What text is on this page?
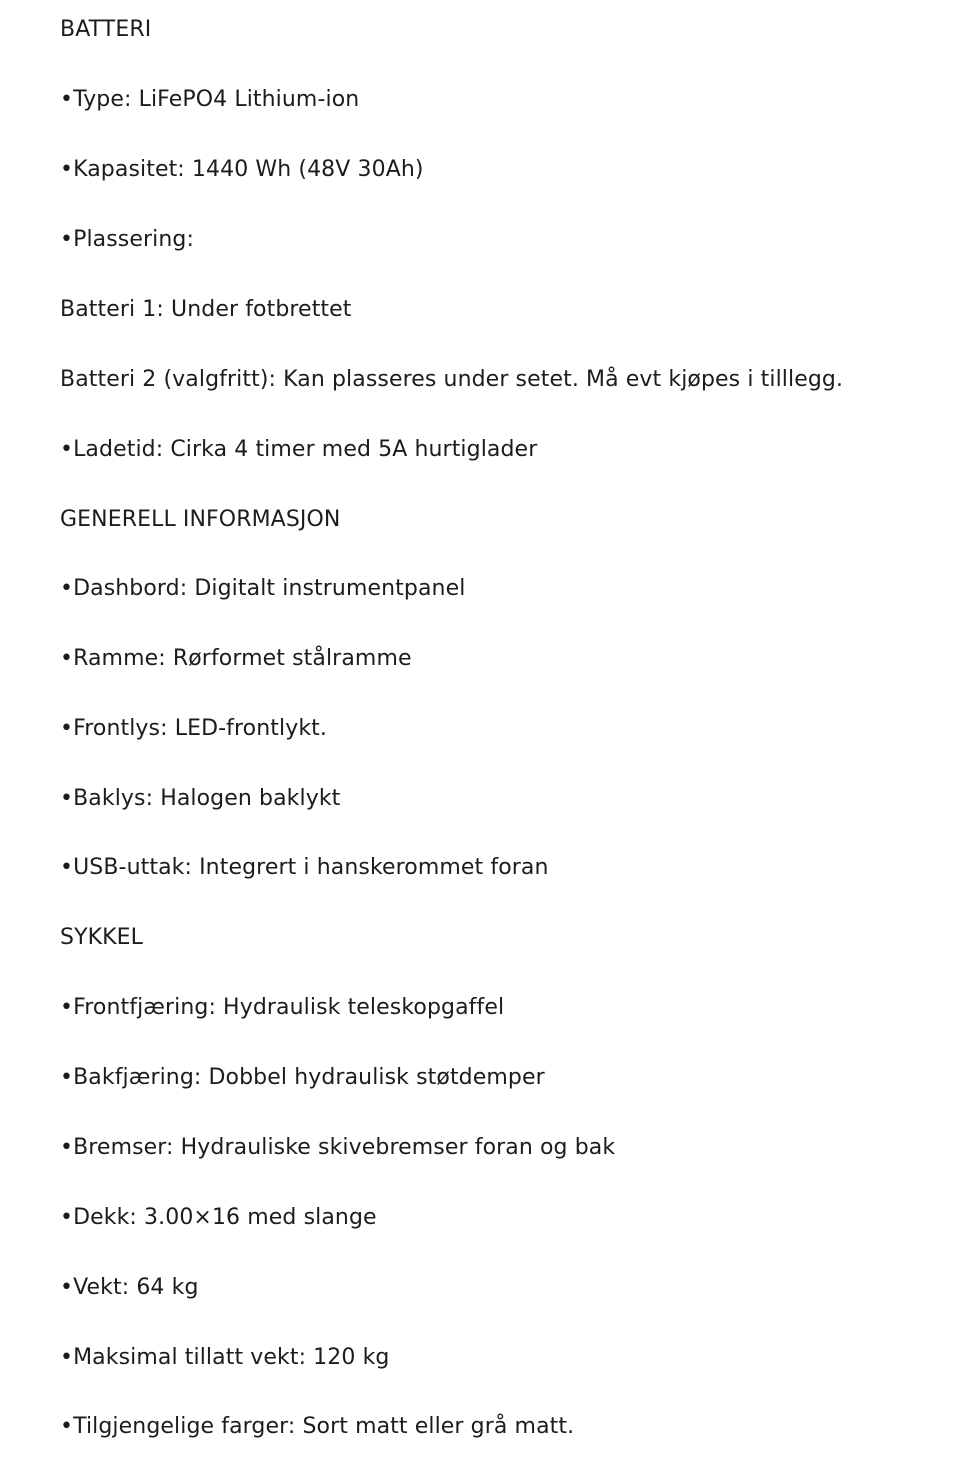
BATTERI
•Type: LiFePO4 Lithium-ion
•Kapasitet: 1440 Wh (48V 30Ah)
•Plassering:
Batteri 1: Under fotbrettet
Batteri 2 (valgfritt): Kan plasseres under setet. Må evt kjøpes i tilllegg.
•Ladetid: Cirka 4 timer med 5A hurtiglader
GENERELL INFORMASJON
•Dashbord: Digitalt instrumentpanel
•Ramme: Rørformet stålramme
•Frontlys: LED-frontlykt.
•Baklys: Halogen baklykt
•USB-uttak: Integrert i hanskerommet foran
SYKKEL
•Frontfjæring: Hydraulisk teleskopgaffel
•Bakfjæring: Dobbel hydraulisk støtdemper
•Bremser: Hydrauliske skivebremser foran og bak
•Dekk: 3.00×16 med slange
•Vekt: 64 kg
•Maksimal tillatt vekt: 120 kg
•Tilgjengelige farger: Sort matt eller grå matt.
